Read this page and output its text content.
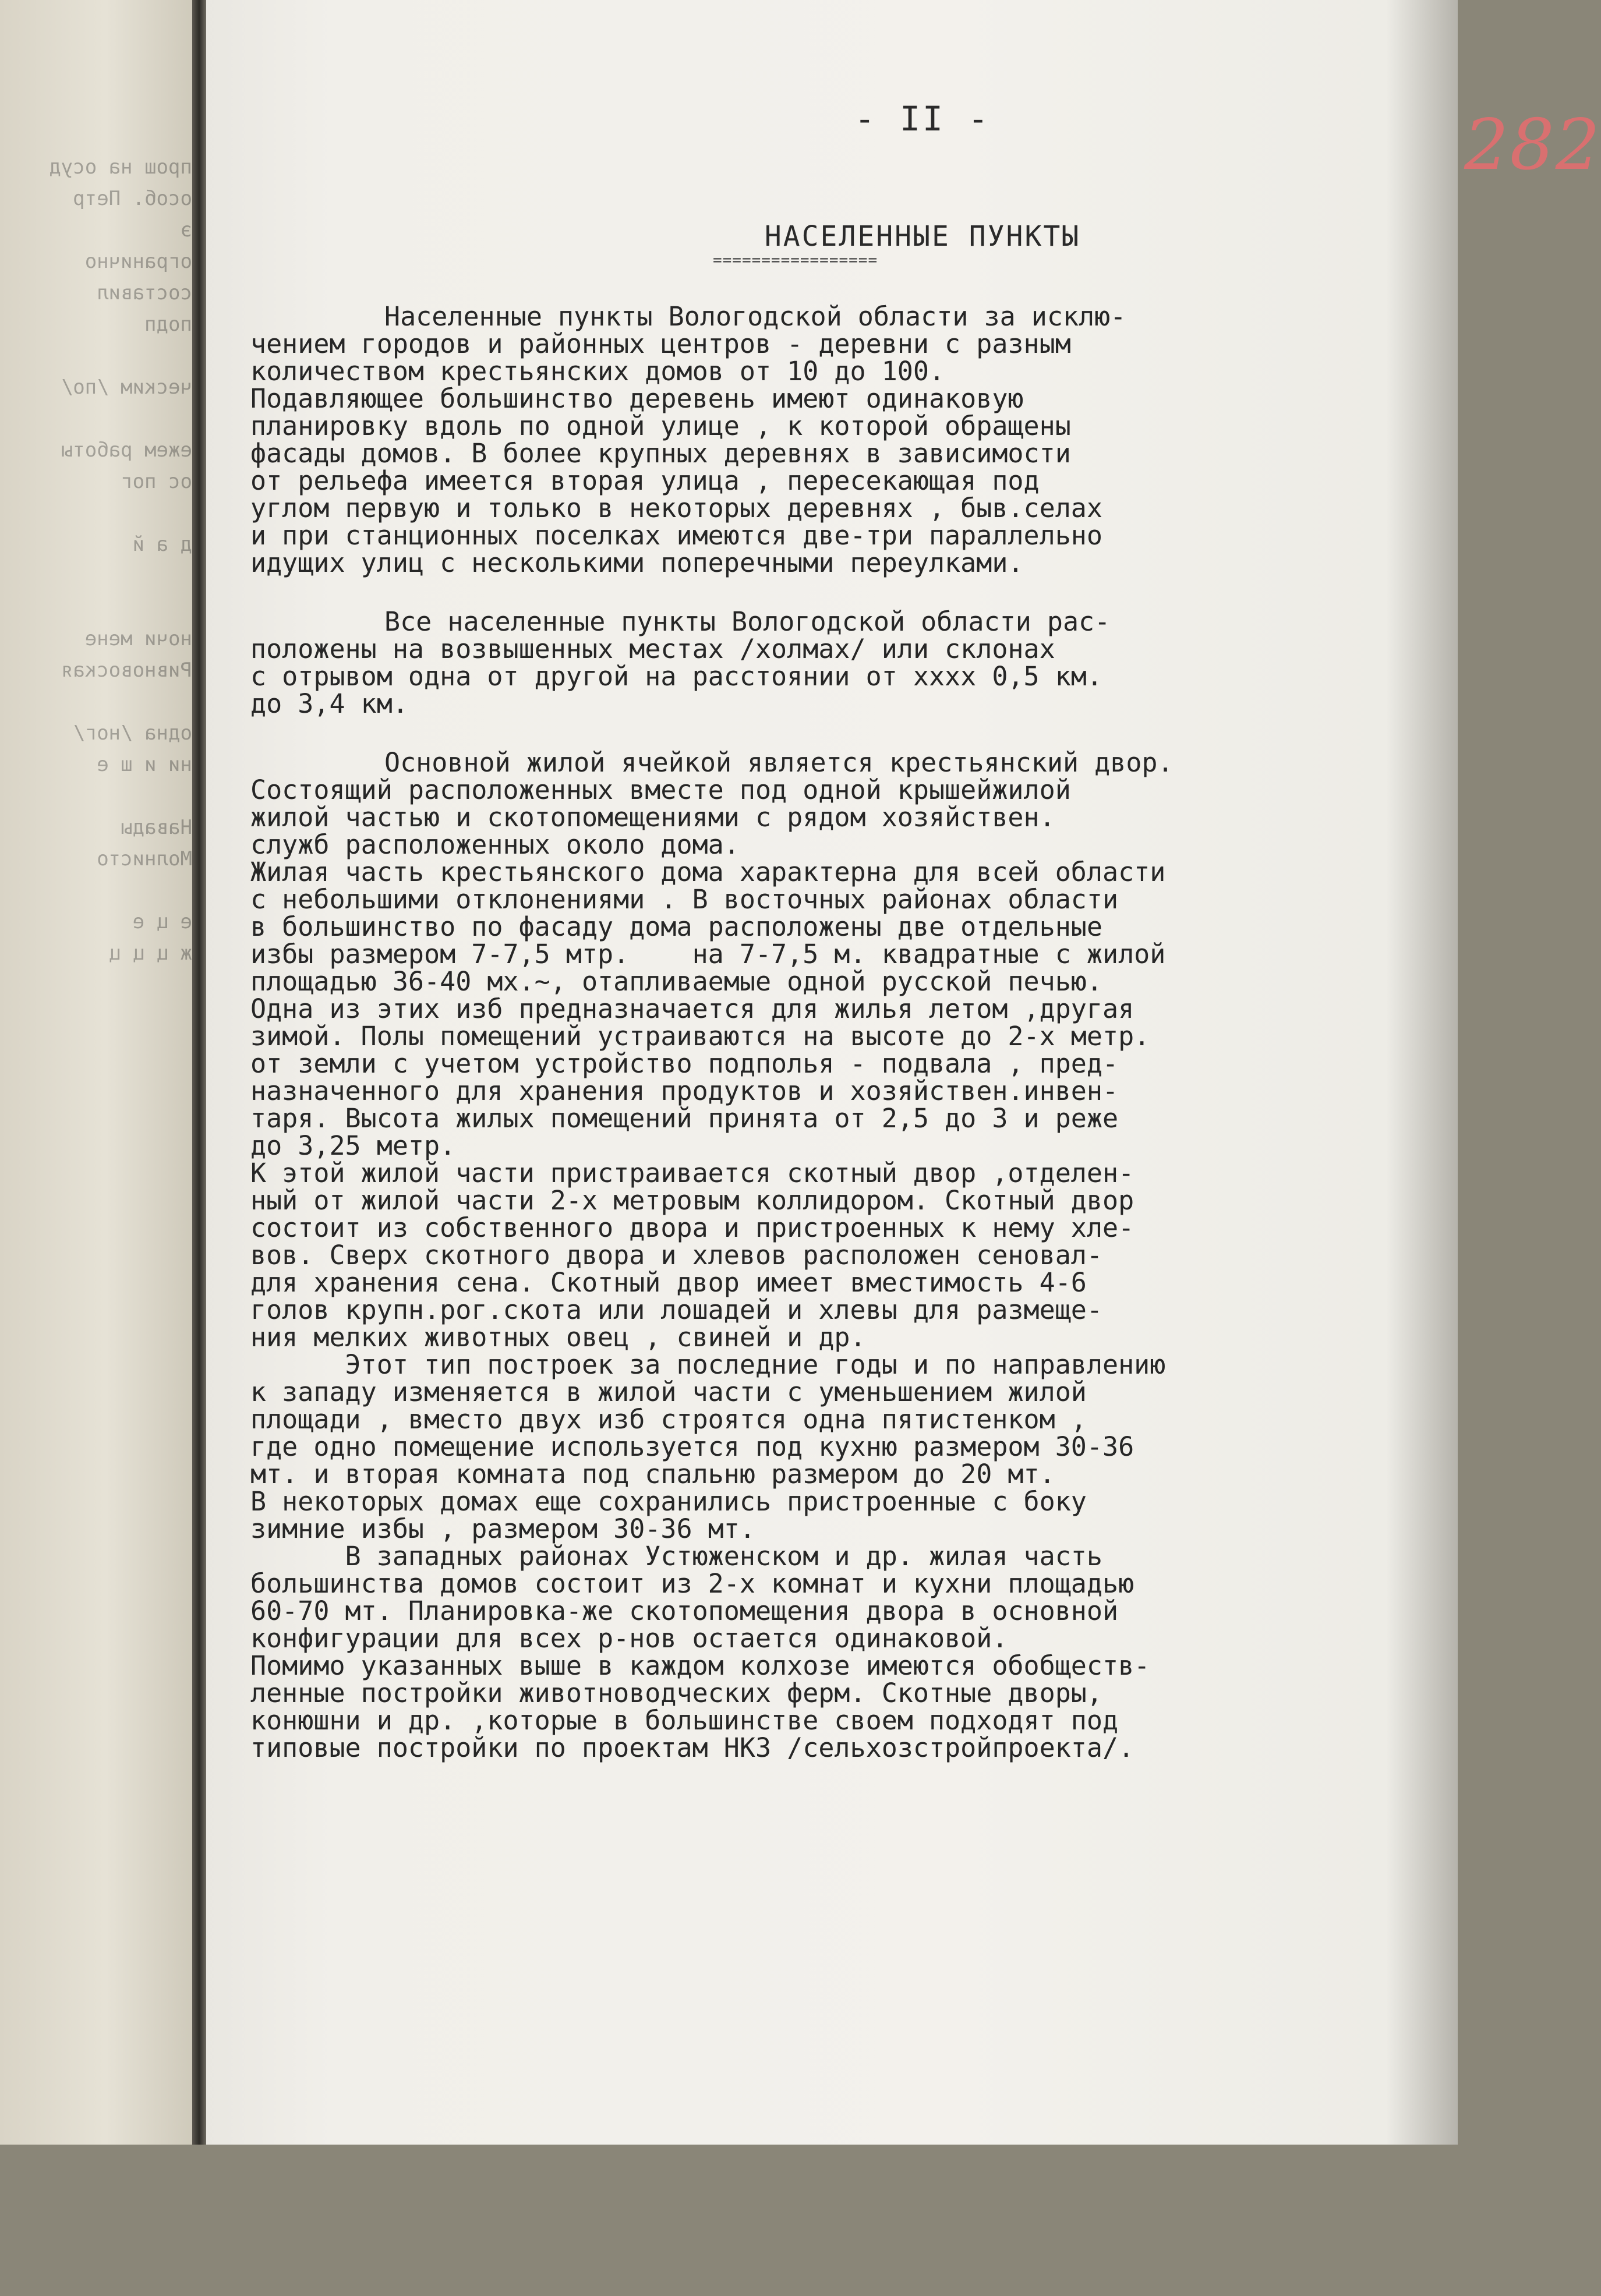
прош на осуд
особ. Петр
э
огранично
составил
подп
ческим /по/
ежем работы
ос пог
д а й
ночи мене
Ривновоская
одна /ног/
ни и ш е
Навады
Молнисто
е ц е
ж ц ц ц
- II -	282
НАСЕЛЕННЫЕ ПУНКТЫ
=================
Населенные пункты Вологодской области за исклю-
чением городов и районных центров - деревни с разным
количеством крестьянских домов от 10 до 100.
Подавляющее большинство деревень имеют одинаковую
планировку вдоль по одной улице , к которой обращены
фасады домов. В более крупных деревнях в зависимости
от рельефа имеется вторая улица , пересекающая под
углом первую и только в некоторых деревнях , быв.селах
и при станционных поселках имеются две-три параллельно
идущих улиц с несколькими поперечными переулками.
Все населенные пункты Вологодской области рас-
положены на возвышенных местах /холмах/ или склонах
с отрывом одна от другой на расстоянии от хххх 0,5 км.
до 3,4 км.
Основной жилой ячейкой является крестьянский двор.
Состоящий расположенных вместе под одной крышейжилой
жилой частью и скотопомещениями с рядом хозяйствен.
служб расположенных около дома.
Жилая часть крестьянского дома характерна для всей области
с небольшими отклонениями . В восточных районах области
в большинство по фасаду дома расположены две отдельные
избы размером 7-7,5 мтр.    на 7-7,5 м. квадратные с жилой
площадью 36-40 мх.~, отапливаемые одной русской печью.
Одна из этих изб предназначается для жилья летом ,другая
зимой. Полы помещений устраиваются на высоте до 2-х метр.
от земли с учетом устройство подполья - подвала , пред-
назначенного для хранения продуктов и хозяйствен.инвен-
таря. Высота жилых помещений принята от 2,5 до 3 и реже
до 3,25 метр.
К этой жилой части пристраивается скотный двор ,отделен-
ный от жилой части 2-х метровым коллидором. Скотный двор
состоит из собственного двора и пристроенных к нему хле-
вов. Сверх скотного двора и хлевов расположен сеновал-
для хранения сена. Скотный двор имеет вместимость 4-6
голов крупн.рог.скота или лошадей и хлевы для размеще-
ния мелких животных овец , свиней и др.
Этот тип построек за последние годы и по направлению
к западу изменяется в жилой части с уменьшением жилой
площади , вместо двух изб строятся одна пятистенком ,
где одно помещение используется под кухню размером 30-36
мт. и вторая комната под спальню размером до 20 мт.
В некоторых домах еще сохранились пристроенные с боку
зимние избы , размером 30-36 мт.
В западных районах Устюженском и др. жилая часть
большинства домов состоит из 2-х комнат и кухни площадью
60-70 мт. Планировка-же скотопомещения двора в основной
конфигурации для всех р-нов остается одинаковой.
Помимо указанных выше в каждом колхозе имеются обобществ-
ленные постройки животноводческих ферм. Скотные дворы,
конюшни и др. ,которые в большинстве своем подходят под
типовые постройки по проектам НКЗ /сельхозстройпроекта/.
